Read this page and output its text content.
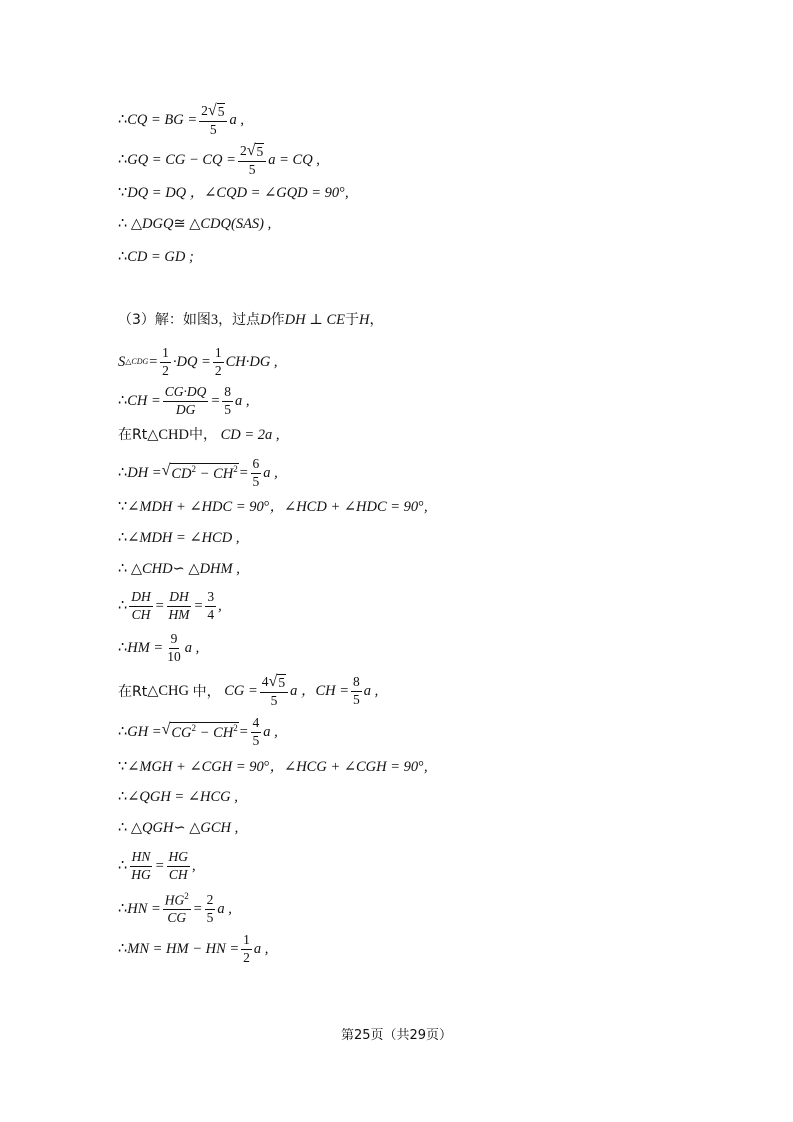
∴ CQ = BG = $\frac{2 √ 5}{5}$ a ,
∴ GQ = CG − CQ = $\frac{2 √ 5}{5}$ a = CQ ,
∵ DQ = DQ ，∠CQD = ∠GQD = 90 ° ,
∴ △ DGQ ≅ △ CDQ(SAS) ,
∴ CD = GD ;
（3）解：如图 3 ， 过点 D 作 DH ⊥ CE 于 H ，
S △CDG = $\frac{1}{2} \cdot DQ = \frac{1}{2} CH\cdot DG$ ,
∴ CH = $\frac{CG\cdot DQ}{DG} = \frac{8}{5}$ a ,
在Rt △CHD 中， CD = 2a ,
∴ DH = √ $CD^2 - CH^2 = \frac{6}{5}$ a ,
∵ ∠MDH + ∠HDC = 90 ° ，∠HCD + ∠HDC = 90 ° ,
∴ ∠MDH = ∠HCD ,
∴ △ CHD ∽ △ DHM ,
∴ $\frac{DH}{CH} = \frac{DH}{HM} = \frac{3}{4}$ ,
∴ HM = $\frac{9}{10}$ a ,
在Rt △CHG
中， CG = $\frac{4 √ 5}{5}$ a ，CH = $\frac{8}{5}$ a ,
∴ GH = √ $CG^2 - CH^2 = \frac{4}{5}$ a ,
∵ ∠MGH + ∠CGH = 90 ° ，∠HCG + ∠CGH = 90 ° ,
∴ ∠QGH = ∠HCG ,
∴ △ QGH ∽ △ GCH ,
∴ $\frac{HN}{HG} = \frac{HG}{CH}$ ,
∴ HN = $\frac{HG^2}{CG} = \frac{2}{5}$ a ,
∴ MN = HM − HN = $\frac{1}{2}$ a ,
第25页（共29页）
